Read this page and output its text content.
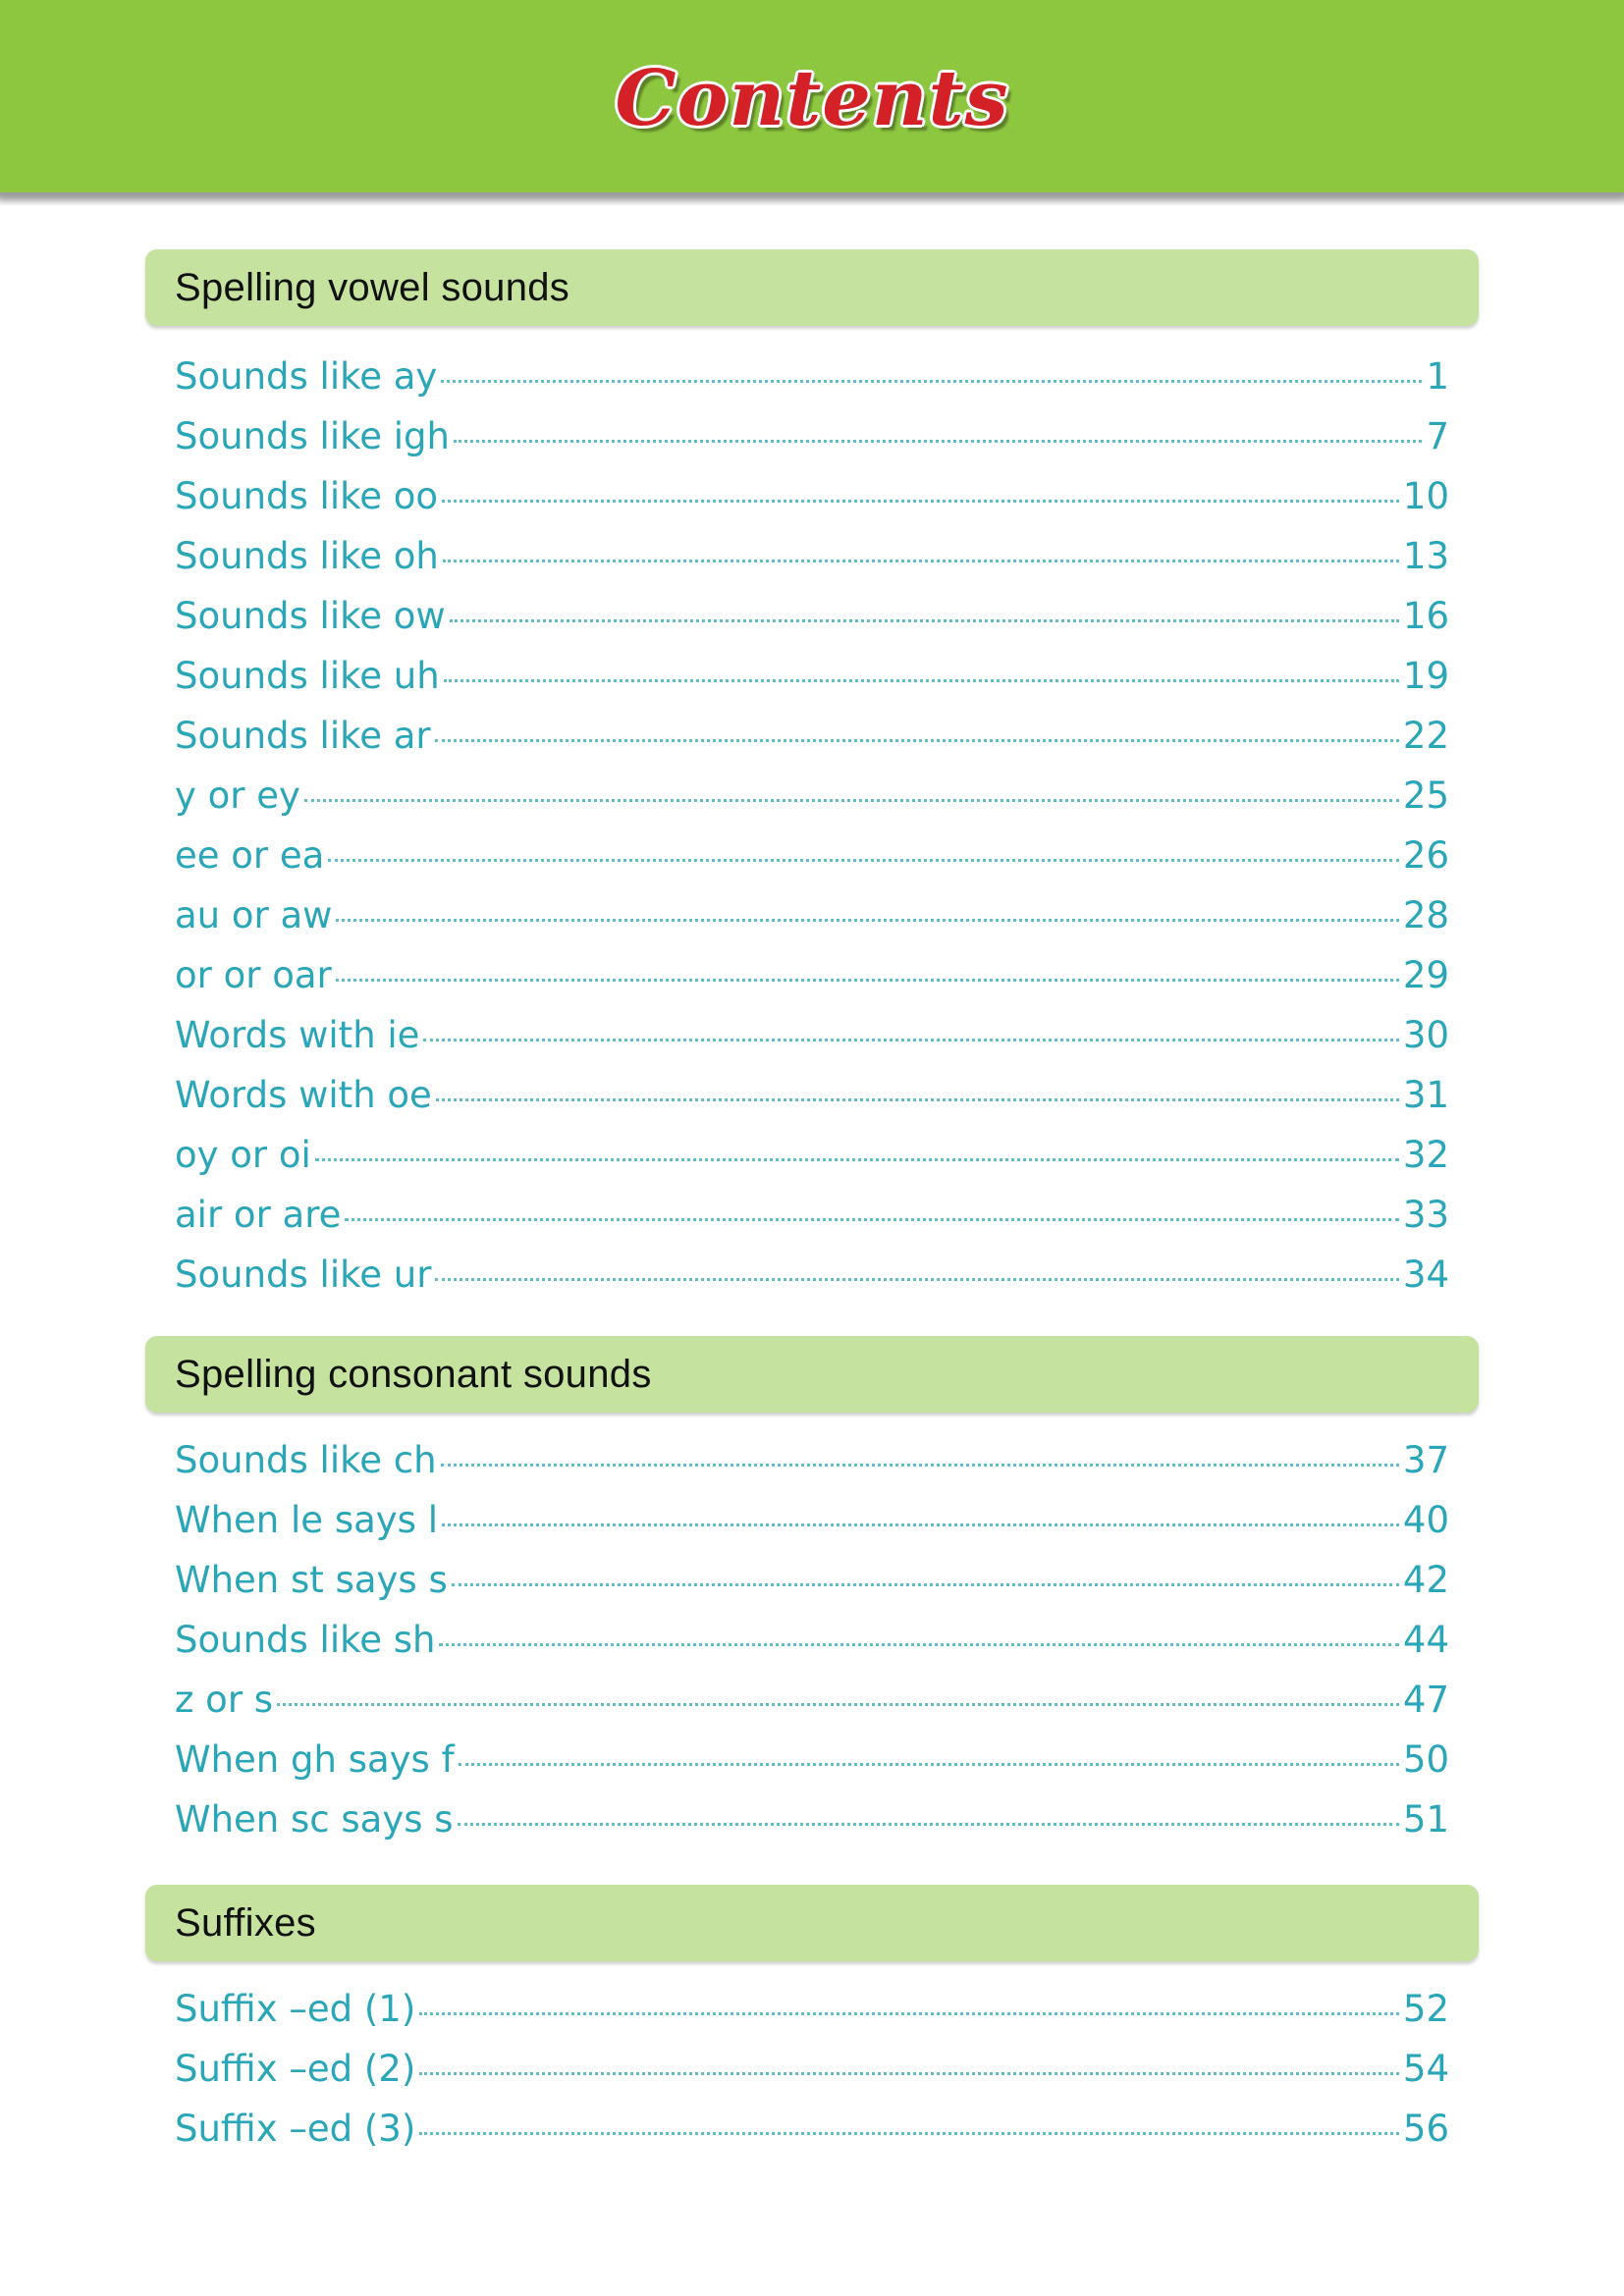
Contents
Spelling vowel sounds
Sounds like ay	1
Sounds like igh	7
Sounds like oo	10
Sounds like oh	13
Sounds like ow	16
Sounds like uh	19
Sounds like ar	22
y or ey	25
ee or ea	26
au or aw	28
or or oar	29
Words with ie	30
Words with oe	31
oy or oi	32
air or are	33
Sounds like ur	34
Spelling consonant sounds
Sounds like ch	37
When le says l	40
When st says s	42
Sounds like sh	44
z or s	47
When gh says f	50
When sc says s	51
Suffixes
Suffix –ed (1)	52
Suffix –ed (2)	54
Suffix –ed (3)	56
